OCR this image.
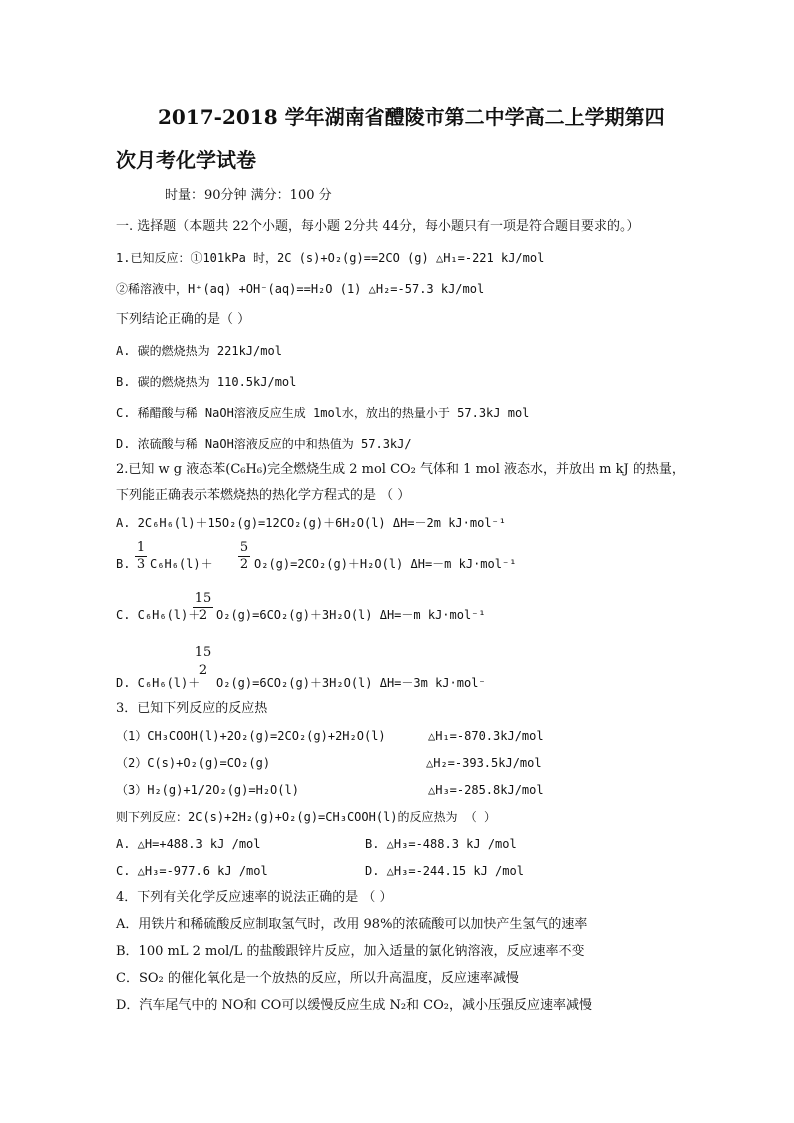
2017-2018 学年湖南省醴陵市第二中学高二上学期第四
次月考化学试卷
时量：90分钟 满分：100 分
一. 选择题（本题共 22个小题，每小题 2分共 44分，每小题只有一项是符合题目要求的。）
1.已知反应：①101kPa 时，2C (s)+O₂(g)==2CO (g) △H₁=-221 kJ/mol
②稀溶液中，H⁺(aq) +OH⁻(aq)==H₂O (1) △H₂=-57.3 kJ/mol
下列结论正确的是（ ）
A. 碳的燃烧热为 221kJ/mol
B. 碳的燃烧热为 110.5kJ/mol
C. 稀醋酸与稀 NaOH溶液反应生成 1mol水，放出的热量小于 57.3kJ mol
D. 浓硫酸与稀 NaOH溶液反应的中和热值为 57.3kJ/
2.已知 w g 液态苯(C₆H₆)完全燃烧生成 2 mol CO₂ 气体和 1 mol 液态水，并放出 m kJ 的热量，
下列能正确表示苯燃烧热的热化学方程式的是 （ ）
A. 2C₆H₆(l)＋15O₂(g)=12CO₂(g)＋6H₂O(l) ΔH=－2m kJ·mol⁻¹
B.
1
3 C₆H₆(l)＋
5
2 O₂(g)=2CO₂(g)＋H₂O(l) ΔH=－m kJ·mol⁻¹
C. C₆H₆(l)＋
15
2 O₂(g)=6CO₂(g)＋3H₂O(l) ΔH=－m kJ·mol⁻¹
D. C₆H₆(l)＋
15
2
O₂(g)=6CO₂(g)＋3H₂O(l) ΔH=－3m kJ·mol⁻
3．已知下列反应的反应热
（1）CH₃COOH(l)+2O₂(g)=2CO₂(g)+2H₂O(l)	△H₁=-870.3kJ/mol
（2）C(s)+O₂(g)=CO₂(g)	△H₂=-393.5kJ/mol
（3）H₂(g)+1/2O₂(g)=H₂O(l)	△H₃=-285.8kJ/mol
则下列反应：2C(s)+2H₂(g)+O₂(g)=CH₃COOH(l)的反应热为 （ ）
A. △H=+488.3 kJ /mol	B. △H₃=-488.3 kJ /mol
C. △H₃=-977.6 kJ /mol	D. △H₃=-244.15 kJ /mol
4．下列有关化学反应速率的说法正确的是 （ ）
A．用铁片和稀硫酸反应制取氢气时，改用 98%的浓硫酸可以加快产生氢气的速率
B．100 mL 2 mol/L 的盐酸跟锌片反应，加入适量的氯化钠溶液，反应速率不变
C．SO₂ 的催化氧化是一个放热的反应，所以升高温度，反应速率减慢
D．汽车尾气中的 NO和 CO可以缓慢反应生成 N₂和 CO₂，减小压强反应速率减慢
